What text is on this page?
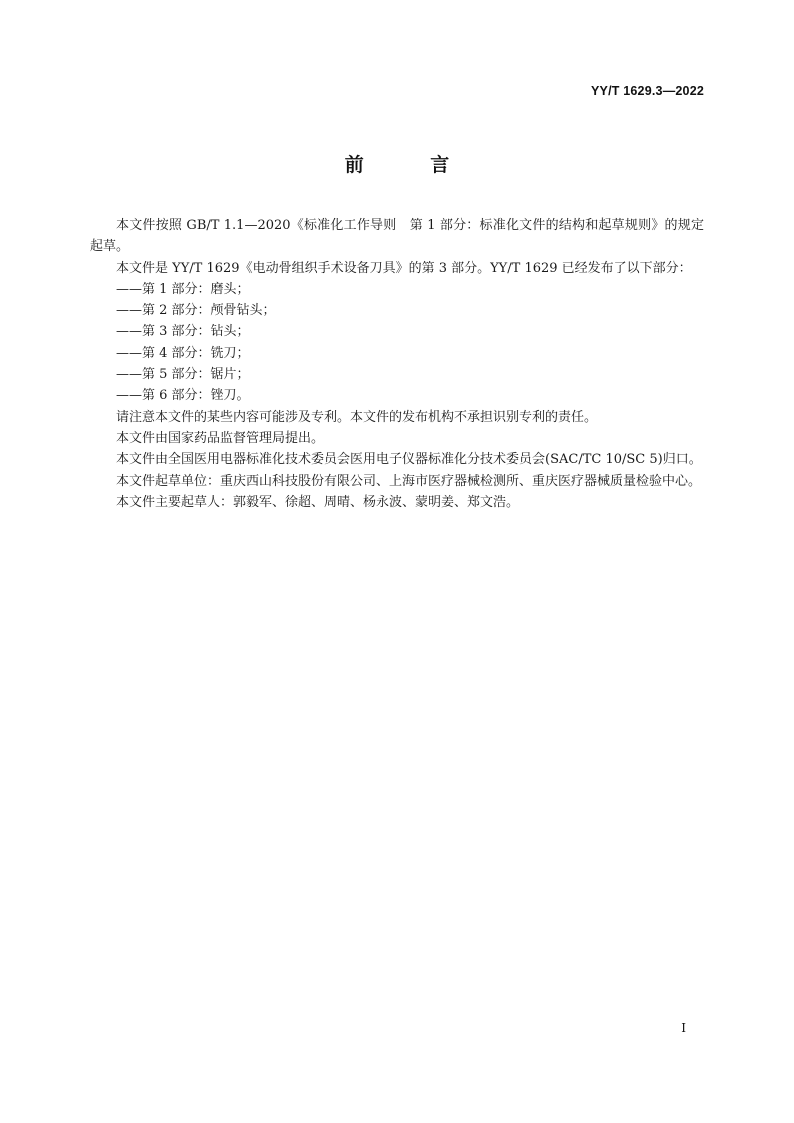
YY/T 1629.3—2022
前 言

本文件按照 GB/T 1.1—2020《标准化工作导则　第 1 部分：标准化文件的结构和起草规则》的规定起草。

本文件是 YY/T 1629《电动骨组织手术设备刀具》的第 3 部分。YY/T 1629 已经发布了以下部分：

——第 1 部分：磨头；

——第 2 部分：颅骨钻头；

——第 3 部分：钻头；

——第 4 部分：铣刀；

——第 5 部分：锯片；

——第 6 部分：锉刀。

请注意本文件的某些内容可能涉及专利。本文件的发布机构不承担识别专利的责任。

本文件由国家药品监督管理局提出。

本文件由全国医用电器标准化技术委员会医用电子仪器标准化分技术委员会(SAC/TC 10/SC 5)归口。

本文件起草单位：重庆西山科技股份有限公司、上海市医疗器械检测所、重庆医疗器械质量检验中心。

本文件主要起草人：郭毅军、徐超、周晴、杨永波、蒙明姜、郑文浩。

I
